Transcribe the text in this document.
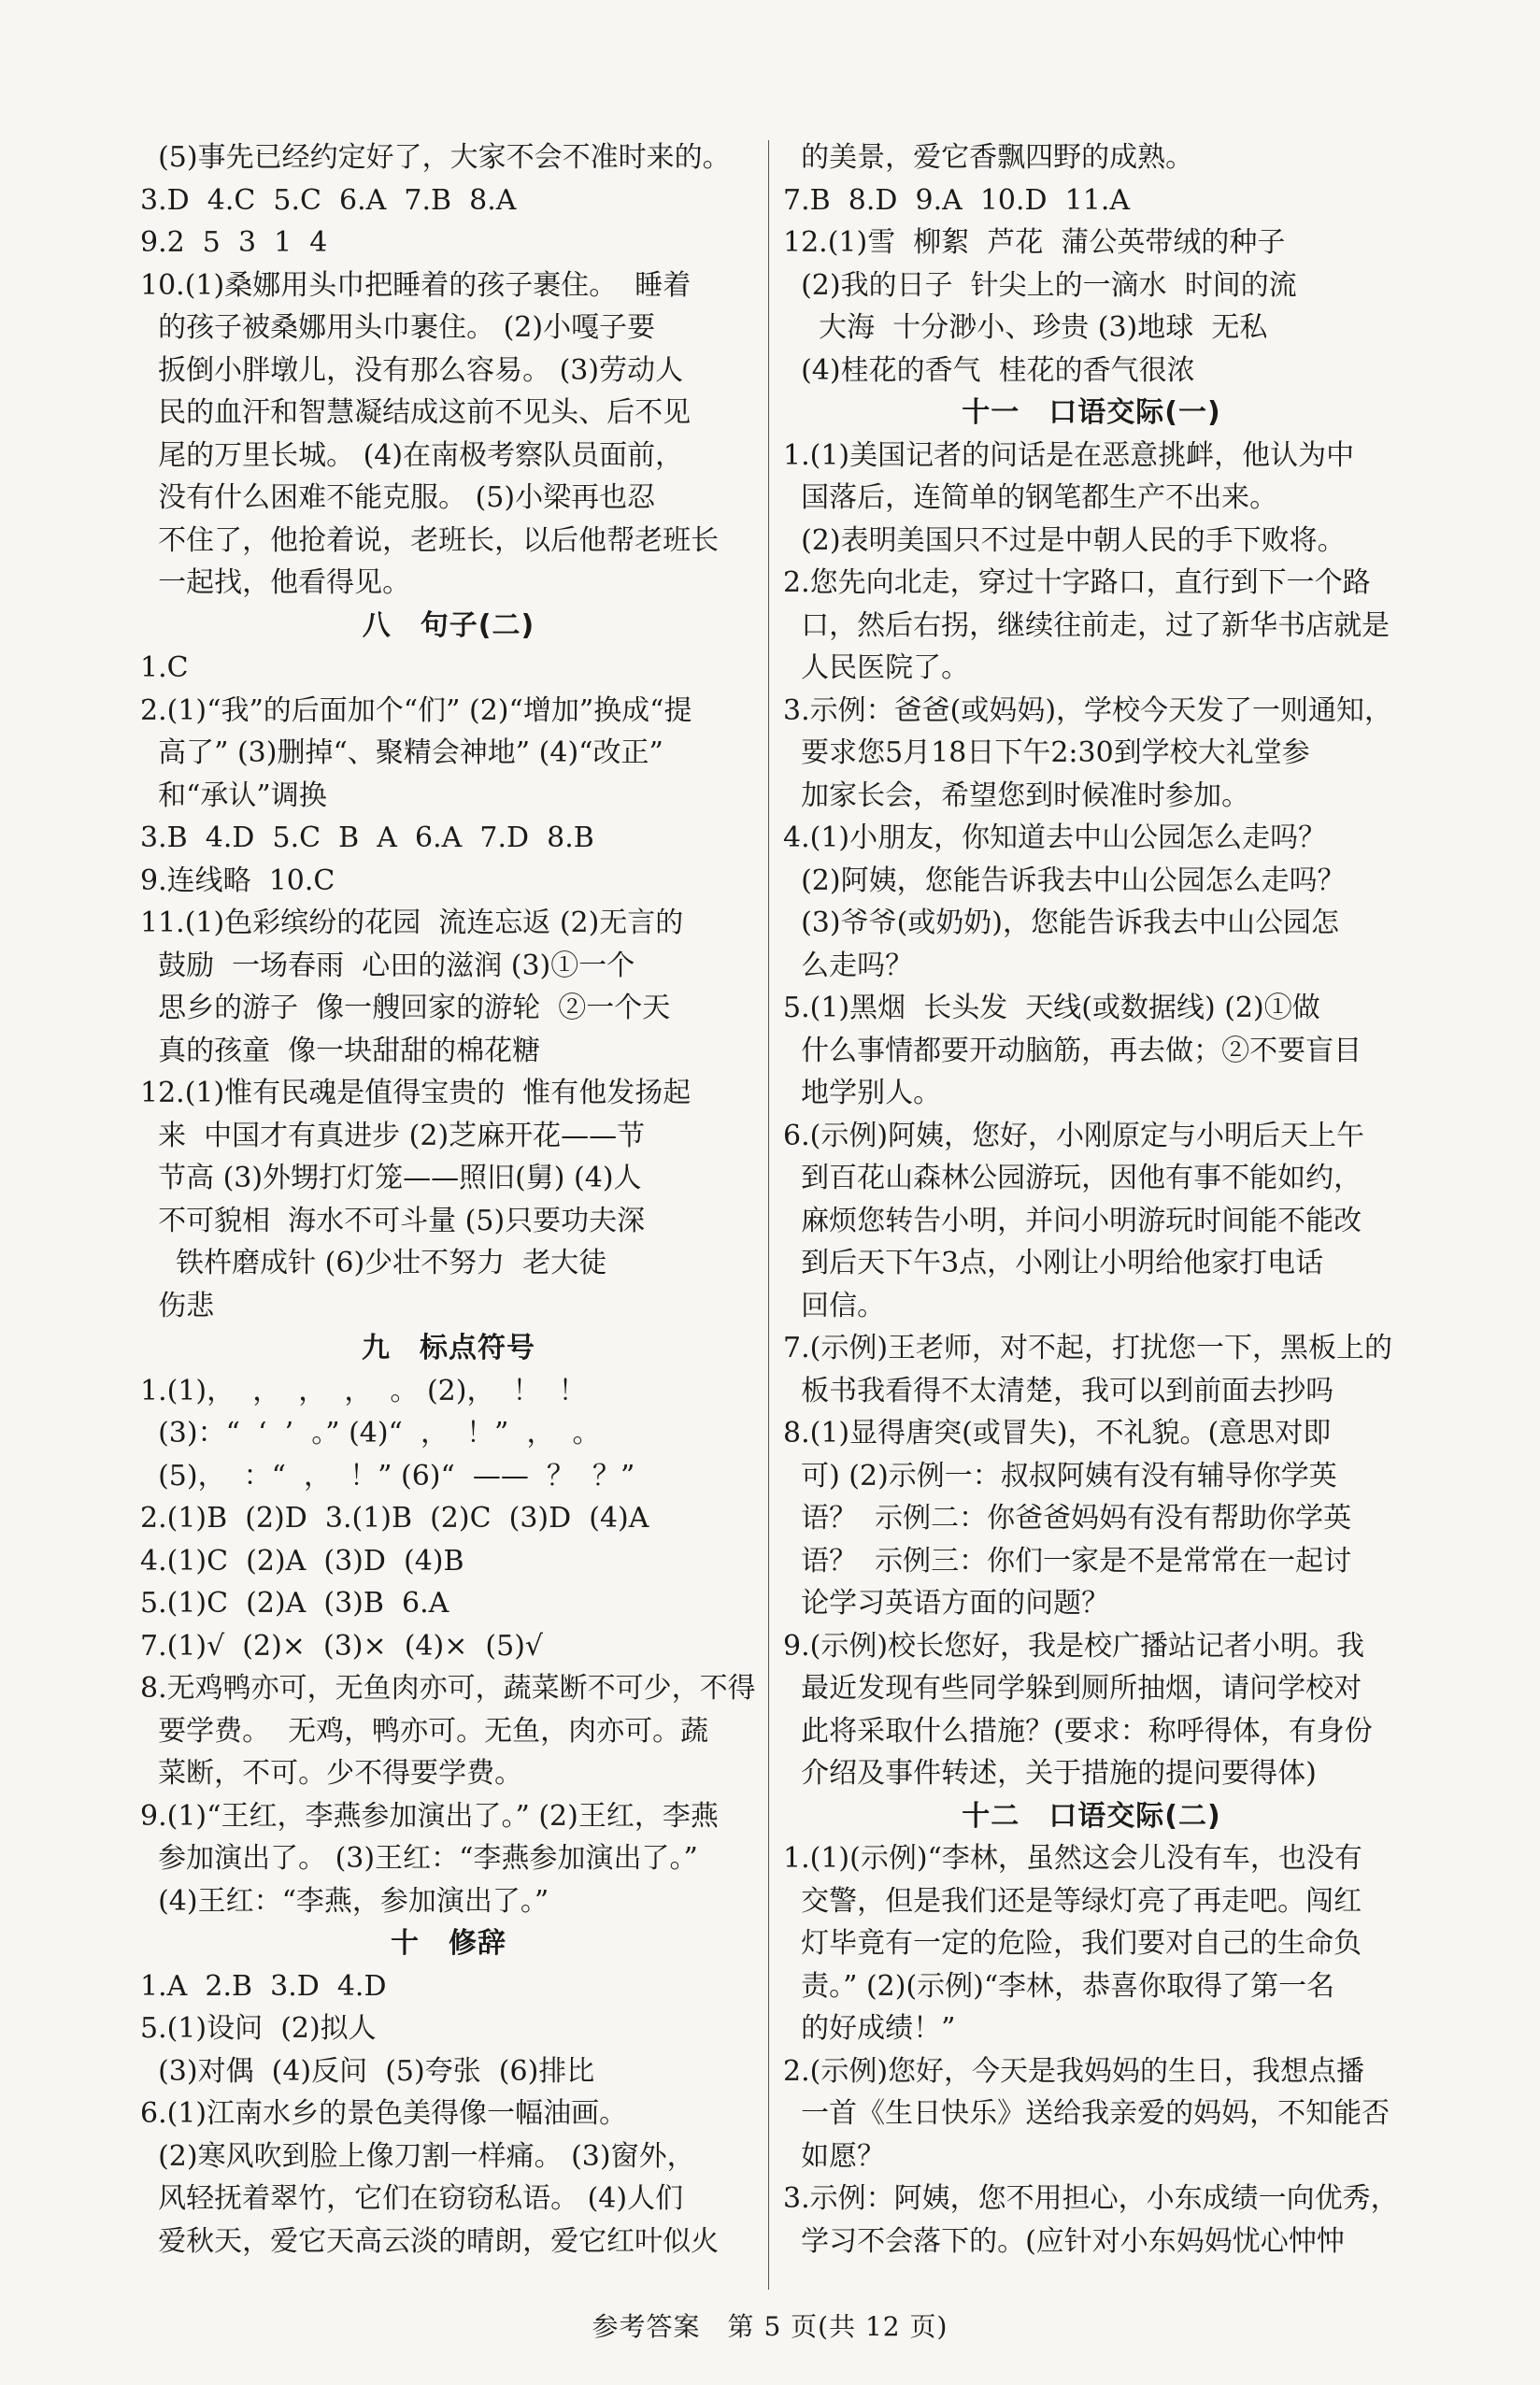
(5)事先已经约定好了，大家不会不准时来的。
3.D  4.C  5.C  6.A  7.B  8.A
9.2  5  3  1  4
10.(1)桑娜用头巾把睡着的孩子裹住。  睡着
的孩子被桑娜用头巾裹住。 (2)小嘎子要
扳倒小胖墩儿，没有那么容易。 (3)劳动人
民的血汗和智慧凝结成这前不见头、后不见
尾的万里长城。 (4)在南极考察队员面前，
没有什么困难不能克服。 (5)小梁再也忍
不住了，他抢着说，老班长，以后他帮老班长
一起找，他看得见。
八　句子(二)
1.C
2.(1)“我”的后面加个“们” (2)“增加”换成“提
高了” (3)删掉“、聚精会神地” (4)“改正”
和“承认”调换
3.B  4.D  5.C  B  A  6.A  7.D  8.B
9.连线略  10.C
11.(1)色彩缤纷的花园  流连忘返 (2)无言的
鼓励  一场春雨  心田的滋润 (3)①一个
思乡的游子  像一艘回家的游轮  ②一个天
真的孩童  像一块甜甜的棉花糖
12.(1)惟有民魂是值得宝贵的  惟有他发扬起
来  中国才有真进步 (2)芝麻开花——节
节高 (3)外甥打灯笼——照旧(舅) (4)人
不可貌相  海水不可斗量 (5)只要功夫深
铁杵磨成针 (6)少壮不努力  老大徒
伤悲
九　标点符号
1.(1)，  ，  ，  ，  。 (2)，  ！  ！
(3)：“  ‘  ’  。” (4)“  ，  ！”  ，  。
(5)，  ：“  ，  ！” (6)“  ——  ？  ？”
2.(1)B  (2)D  3.(1)B  (2)C  (3)D  (4)A
4.(1)C  (2)A  (3)D  (4)B
5.(1)C  (2)A  (3)B  6.A
7.(1)√  (2)×  (3)×  (4)×  (5)√
8.无鸡鸭亦可，无鱼肉亦可，蔬菜断不可少，不得
要学费。  无鸡，鸭亦可。无鱼，肉亦可。蔬
菜断，不可。少不得要学费。
9.(1)“王红，李燕参加演出了。” (2)王红，李燕
参加演出了。 (3)王红：“李燕参加演出了。”
(4)王红：“李燕，参加演出了。”
十　修辞
1.A  2.B  3.D  4.D
5.(1)设问  (2)拟人
(3)对偶  (4)反问  (5)夸张  (6)排比
6.(1)江南水乡的景色美得像一幅油画。
(2)寒风吹到脸上像刀割一样痛。 (3)窗外，
风轻抚着翠竹，它们在窃窃私语。 (4)人们
爱秋天，爱它天高云淡的晴朗，爱它红叶似火
的美景，爱它香飘四野的成熟。
7.B  8.D  9.A  10.D  11.A
12.(1)雪  柳絮  芦花  蒲公英带绒的种子
(2)我的日子  针尖上的一滴水  时间的流
大海  十分渺小、珍贵 (3)地球  无私
(4)桂花的香气  桂花的香气很浓
十一　口语交际(一)
1.(1)美国记者的问话是在恶意挑衅，他认为中
国落后，连简单的钢笔都生产不出来。
(2)表明美国只不过是中朝人民的手下败将。
2.您先向北走，穿过十字路口，直行到下一个路
口，然后右拐，继续往前走，过了新华书店就是
人民医院了。
3.示例：爸爸(或妈妈)，学校今天发了一则通知，
要求您5月18日下午2:30到学校大礼堂参
加家长会，希望您到时候准时参加。
4.(1)小朋友，你知道去中山公园怎么走吗？
(2)阿姨，您能告诉我去中山公园怎么走吗？
(3)爷爷(或奶奶)，您能告诉我去中山公园怎
么走吗？
5.(1)黑烟  长头发  天线(或数据线) (2)①做
什么事情都要开动脑筋，再去做；②不要盲目
地学别人。
6.(示例)阿姨，您好，小刚原定与小明后天上午
到百花山森林公园游玩，因他有事不能如约，
麻烦您转告小明，并问小明游玩时间能不能改
到后天下午3点，小刚让小明给他家打电话
回信。
7.(示例)王老师，对不起，打扰您一下，黑板上的
板书我看得不太清楚，我可以到前面去抄吗
8.(1)显得唐突(或冒失)，不礼貌。(意思对即
可) (2)示例一：叔叔阿姨有没有辅导你学英
语？  示例二：你爸爸妈妈有没有帮助你学英
语？  示例三：你们一家是不是常常在一起讨
论学习英语方面的问题？
9.(示例)校长您好，我是校广播站记者小明。我
最近发现有些同学躲到厕所抽烟，请问学校对
此将采取什么措施？(要求：称呼得体，有身份
介绍及事件转述，关于措施的提问要得体)
十二　口语交际(二)
1.(1)(示例)“李林，虽然这会儿没有车，也没有
交警，但是我们还是等绿灯亮了再走吧。闯红
灯毕竟有一定的危险，我们要对自己的生命负
责。” (2)(示例)“李林，恭喜你取得了第一名
的好成绩！”
2.(示例)您好，今天是我妈妈的生日，我想点播
一首《生日快乐》送给我亲爱的妈妈，不知能否
如愿？
3.示例：阿姨，您不用担心，小东成绩一向优秀，
学习不会落下的。(应针对小东妈妈忧心忡忡
参考答案　第 5 页(共 12 页)
